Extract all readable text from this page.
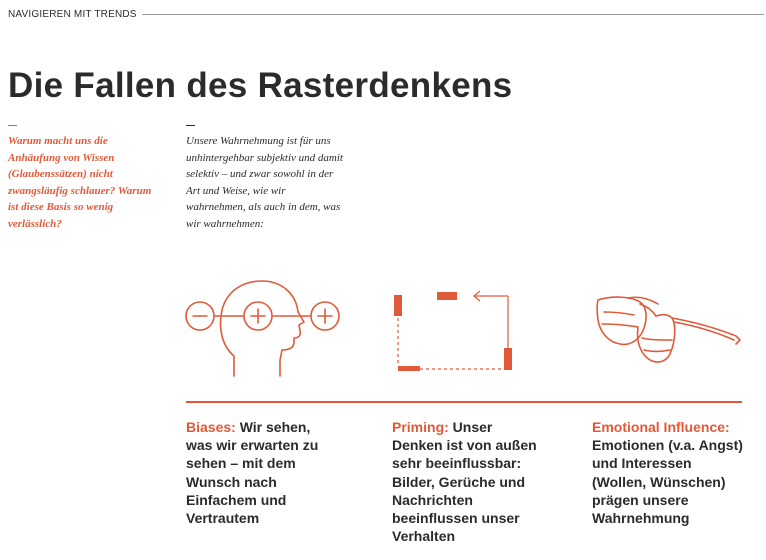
NAVIGIEREN MIT TRENDS
Die Fallen des Rasterdenkens
Warum macht uns die Anhäufung von Wissen (Glaubenssätzen) nicht zwangsläufig schlauer? Warum ist diese Basis so wenig verlässlich?
Unsere Wahrnehmung ist für uns unhintergehbar subjektiv und damit selektiv – und zwar sowohl in der Art und Weise, wie wir wahrnehmen, als auch in dem, was wir wahrnehmen:
Biases: Wir sehen, was wir erwarten zu sehen – mit dem Wunsch nach Einfachem und Vertrautem
Priming: Unser Denken ist von außen sehr beeinflussbar: Bilder, Gerüche und Nachrichten beeinflussen unser Verhalten
Emotional Influence: Emotionen (v.a. Angst) und Interessen (Wollen, Wünschen) prägen unsere Wahrnehmung
